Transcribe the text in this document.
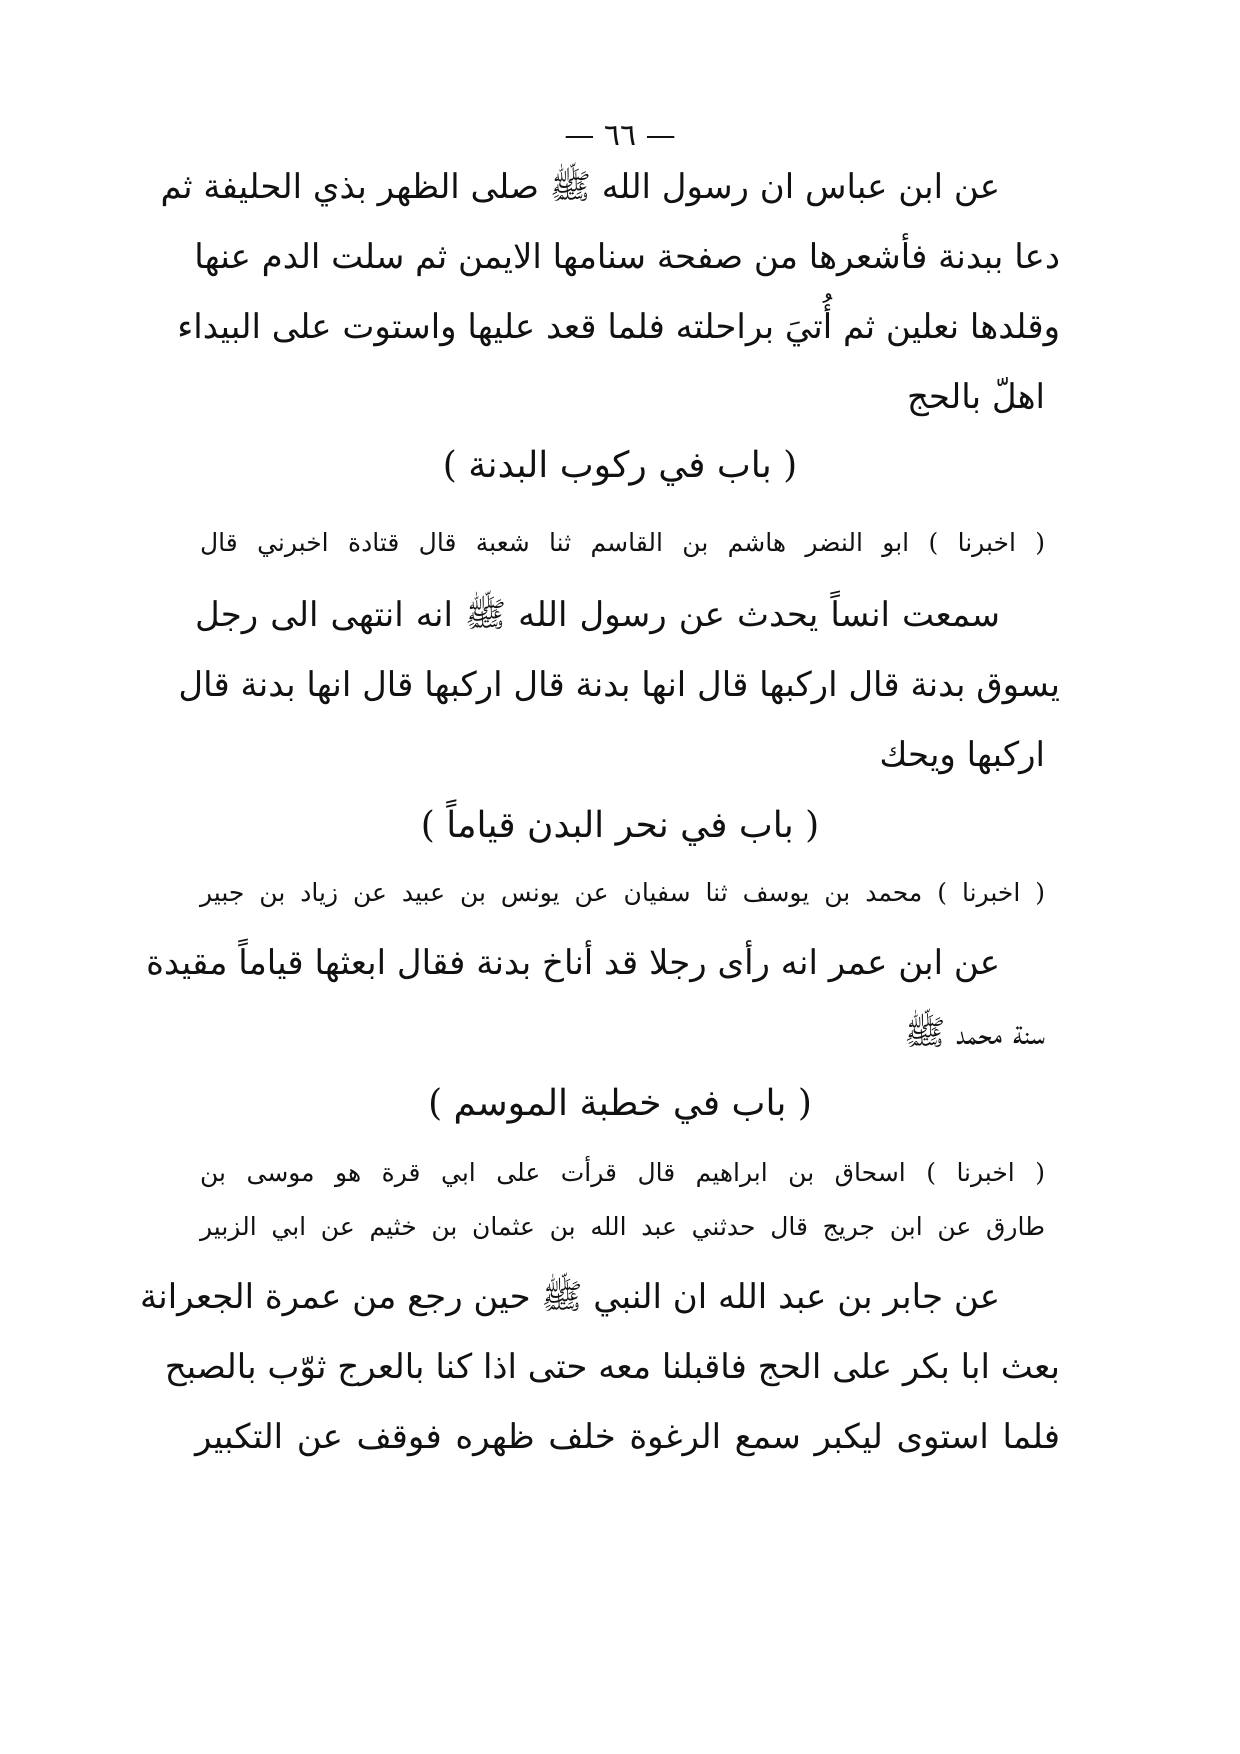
— ٦٦ —
عن ابن عباس ان رسول الله ﷺ صلى الظهر بذي الحليفة ثم
دعا ببدنة فأشعرها من صفحة سنامها الايمن ثم سلت الدم عنها
وقلدها نعلين ثم أُتيَ براحلته فلما قعد عليها واستوت على البيداء
اهلّ بالحج
( باب في ركوب البدنة )
( اخبرنا ) ابو النضر هاشم بن القاسم ثنا شعبة قال قتادة اخبرني قال
سمعت انساً يحدث عن رسول الله ﷺ انه انتهى الى رجل
يسوق بدنة قال اركبها قال انها بدنة قال اركبها قال انها بدنة قال
اركبها ويحك
( باب في نحر البدن قياماً )
( اخبرنا ) محمد بن يوسف ثنا سفيان عن يونس بن عبيد عن زياد بن جبير
عن ابن عمر انه رأى رجلا قد أناخ بدنة فقال ابعثها قياماً مقيدة
سنة محمد ﷺ
( باب في خطبة الموسم )
( اخبرنا ) اسحاق بن ابراهيم قال قرأت على ابي قرة هو موسى بن
طارق عن ابن جريج قال حدثني عبد الله بن عثمان بن خثيم عن ابي الزبير
عن جابر بن عبد الله ان النبي ﷺ حين رجع من عمرة الجعرانة
بعث ابا بكر على الحج فاقبلنا معه حتى اذا كنا بالعرج ثوّب بالصبح
فلما استوى ليكبر سمع الرغوة خلف ظهره فوقف عن التكبير
